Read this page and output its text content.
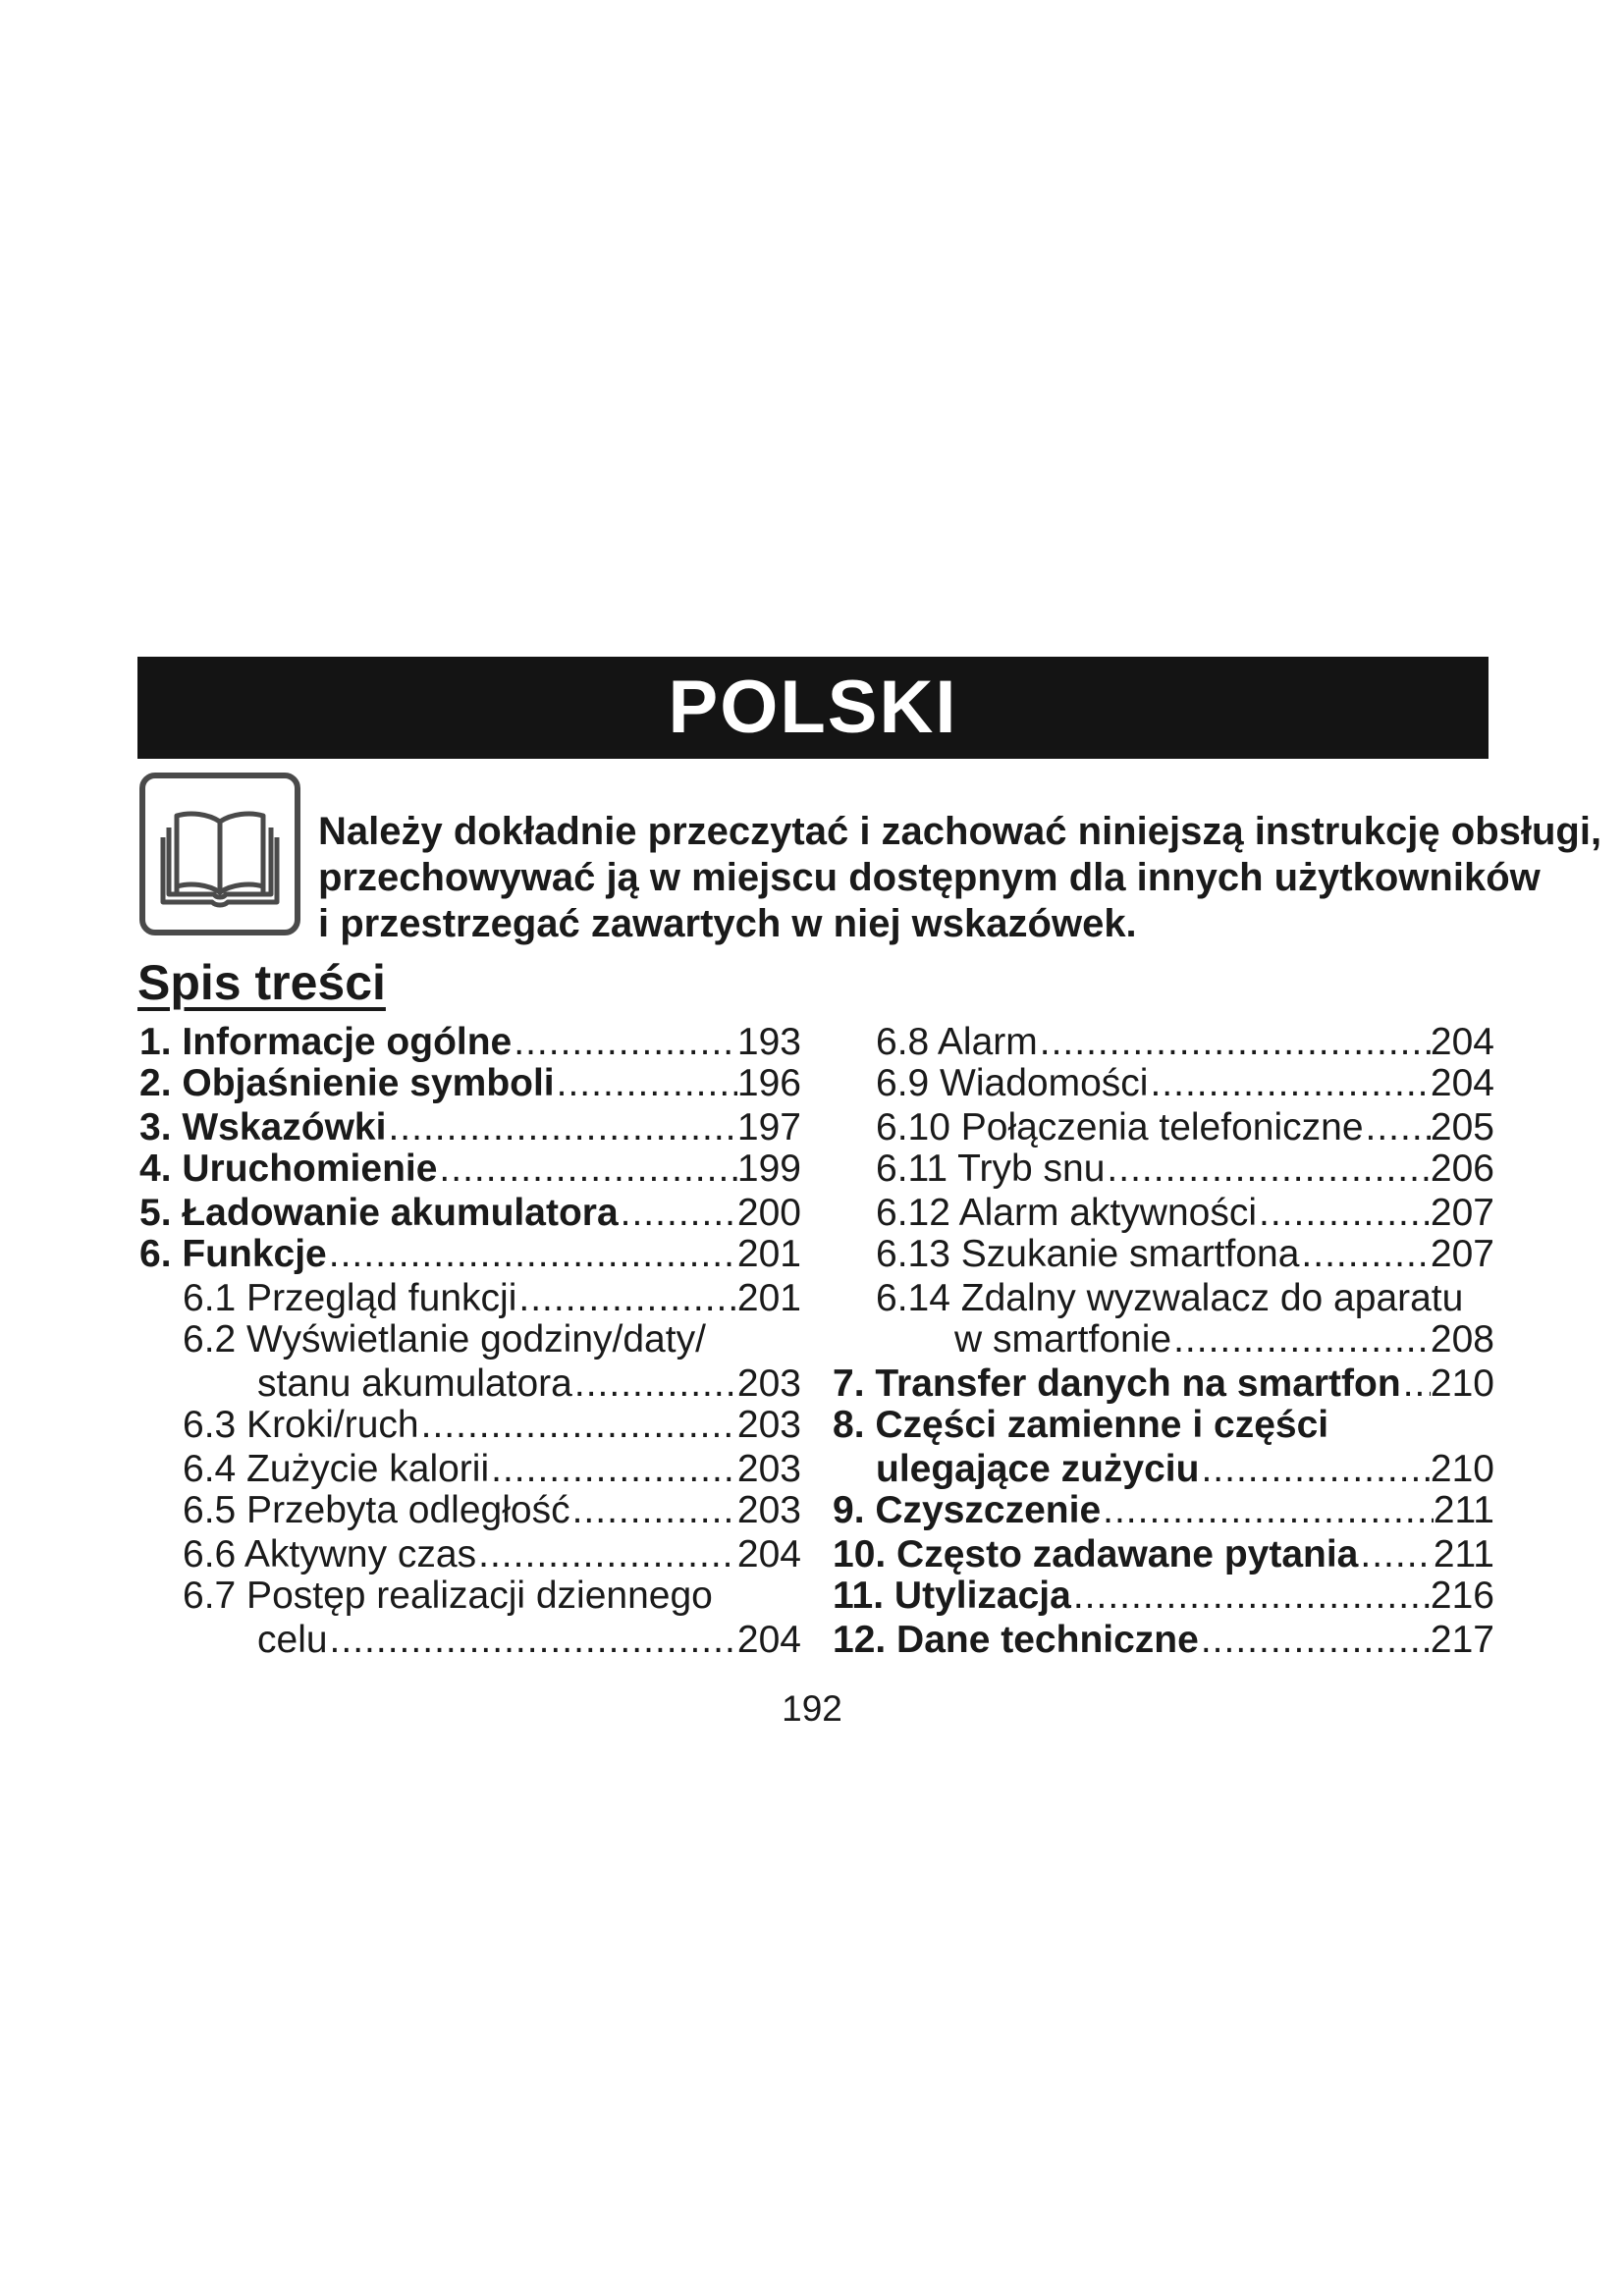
POLSKI
Należy dokładnie przeczytać i zachować niniejszą instrukcję obsługi,
przechowywać ją w miejscu dostępnym dla innych użytkowników
i przestrzegać zawartych w niej wskazówek.
Spis treści
1. Informacje ogólne .....	193
2. Objaśnienie symboli .....	196
3. Wskazówki .....	197
4. Uruchomienie .....	199
5. Ładowanie akumulatora .....	200
6. Funkcje .....	201
6.1 Przegląd funkcji .....	201
6.2 Wyświetlanie godziny/daty/
stanu akumulatora .....	203
6.3 Kroki/ruch .....	203
6.4 Zużycie kalorii .....	203
6.5 Przebyta odległość .....	203
6.6 Aktywny czas .....	204
6.7 Postęp realizacji dziennego
celu .....	204
6.8 Alarm .....	204
6.9 Wiadomości .....	204
6.10 Połączenia telefoniczne ..... 205
6.11 Tryb snu .....	206
6.12 Alarm aktywności .....	207
6.13 Szukanie smartfona .....	207
6.14 Zdalny wyzwalacz do aparatu
w smartfonie .....	208
7. Transfer danych na smartfon ..... 210
8. Części zamienne i części
ulegające zużyciu .....	210
9. Czyszczenie .....	211
10. Często zadawane pytania ..... 211
11. Utylizacja .....	216
12. Dane techniczne .....	217
192
